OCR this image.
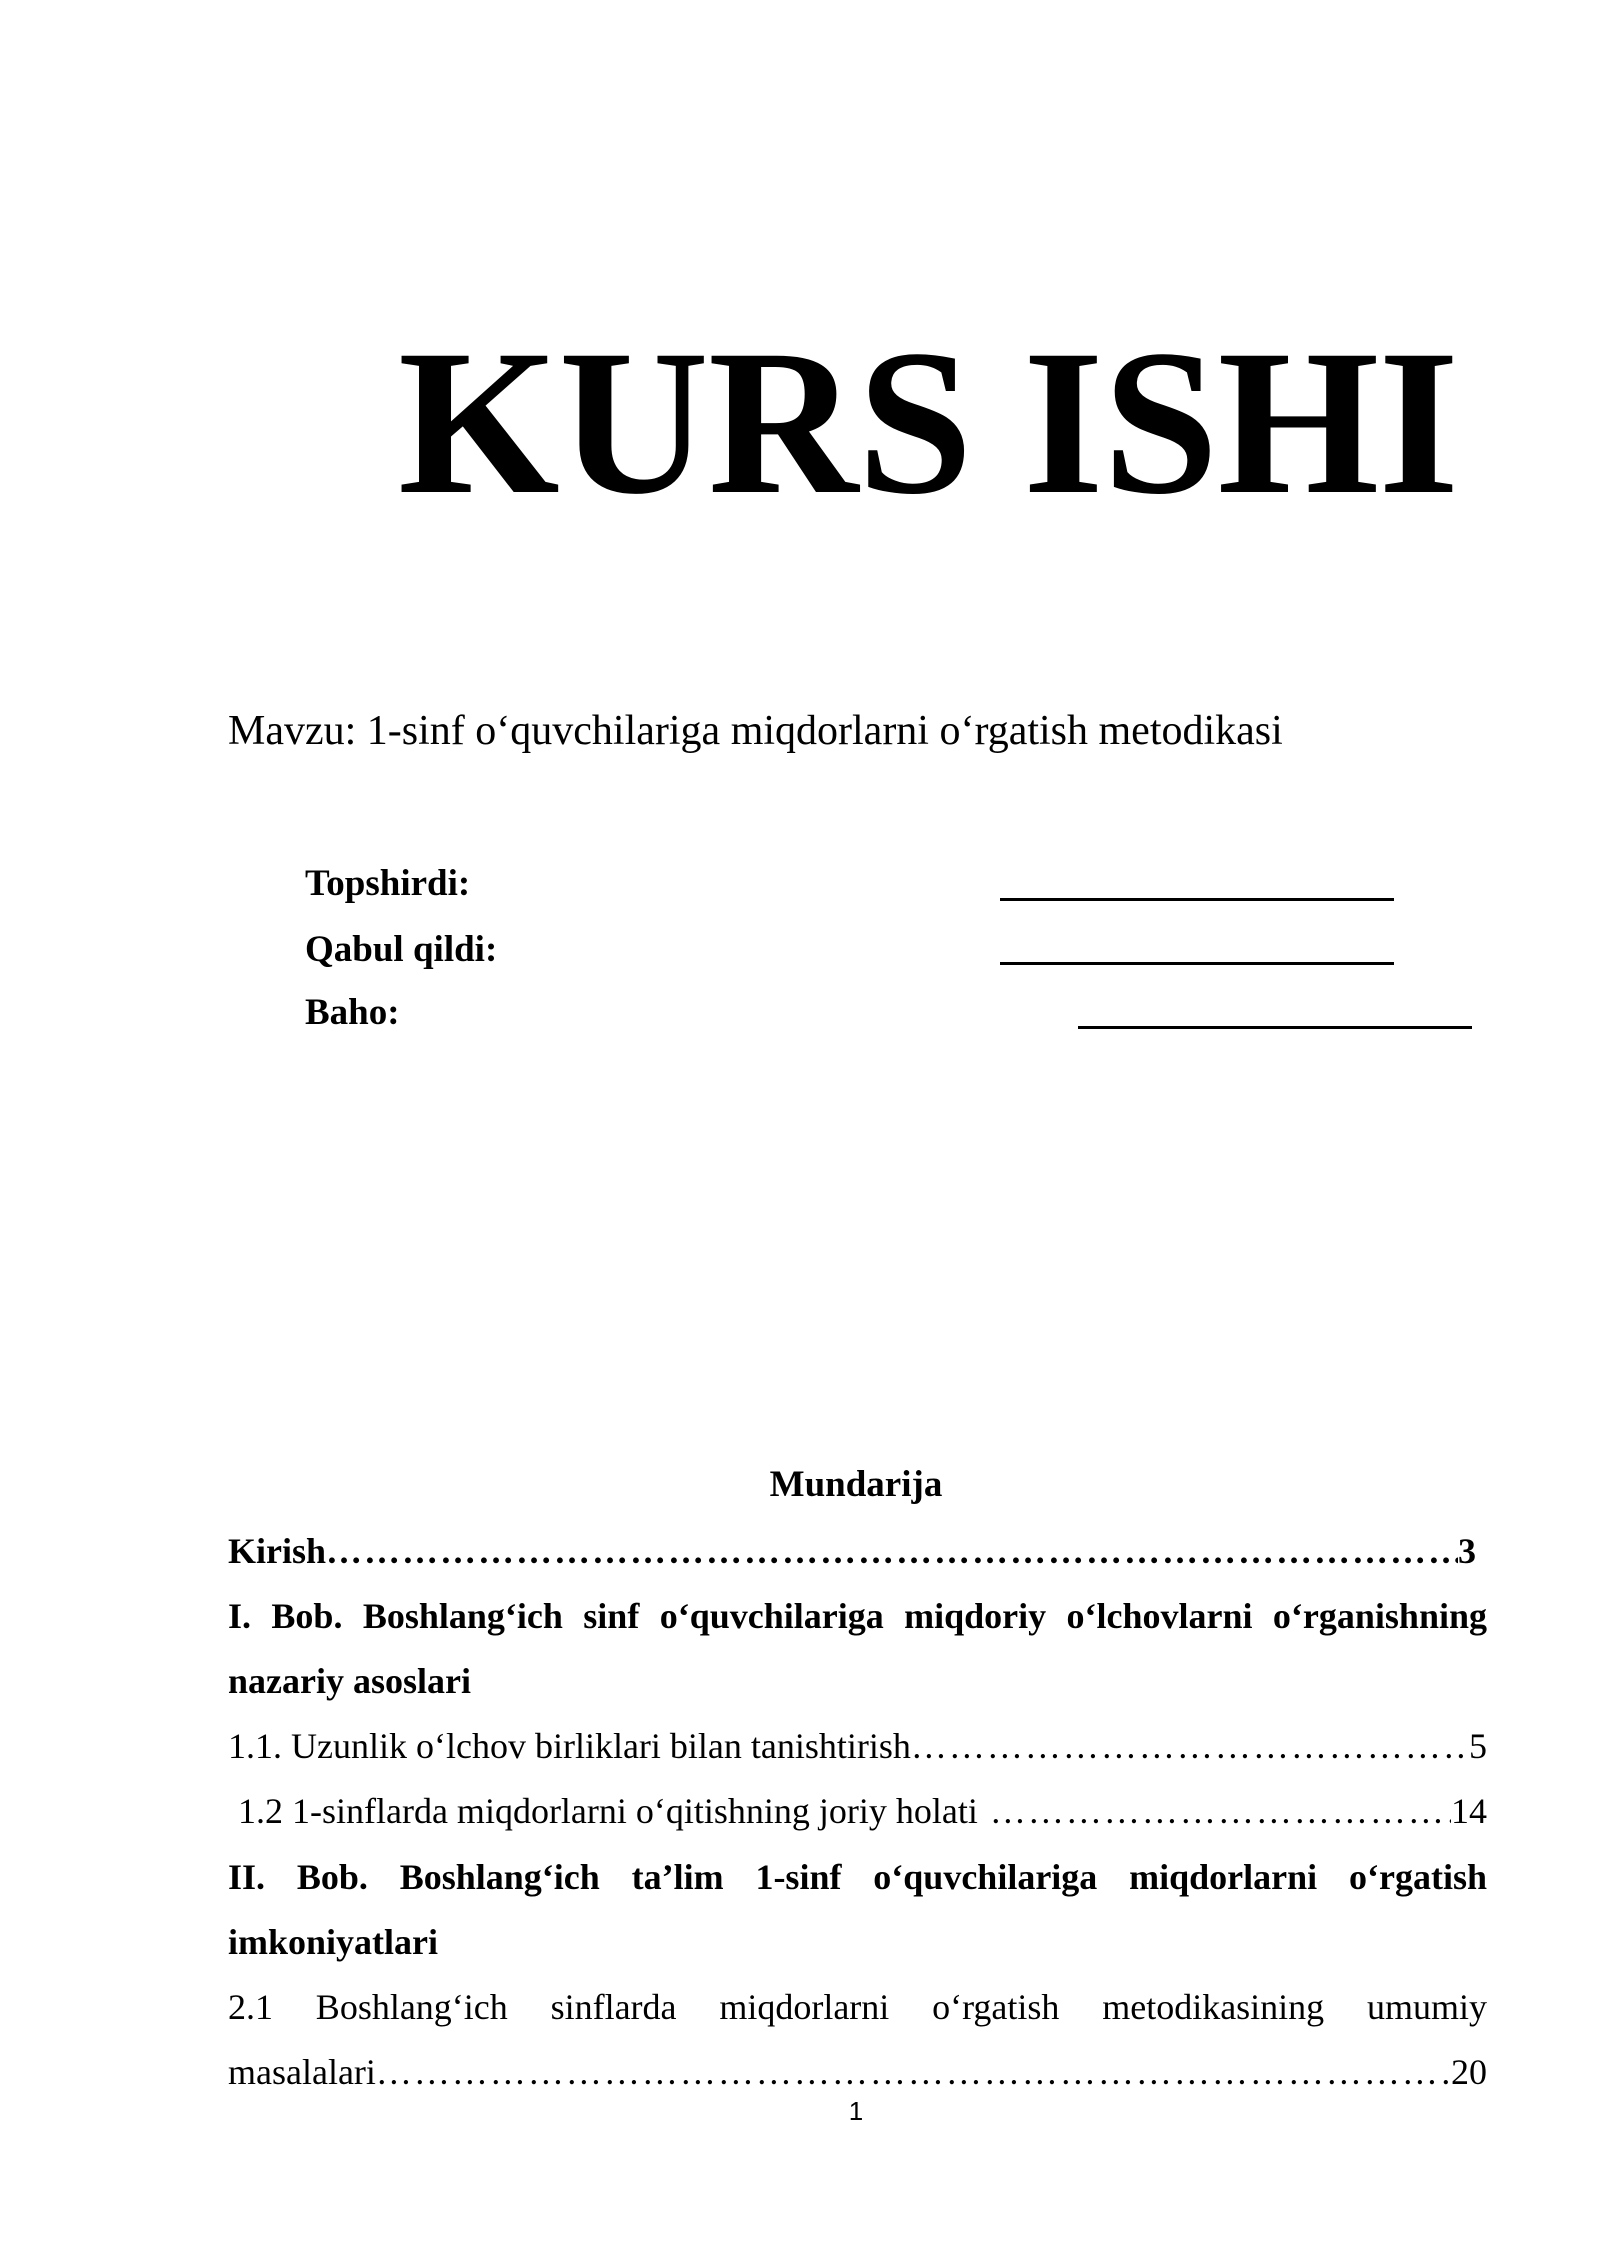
KURS ISHI
Mavzu: 1-sinf o‘quvchilariga miqdorlarni o‘rgatish metodikasi
Topshirdi:
Qabul qildi:
Baho:
Mundarija
Kirish ………………………………………………………………………………………………………………………………………………………………	3
I. Bob. Boshlang‘ich sinf o‘quvchilariga miqdoriy o‘lchovlarni o‘rganishning
nazariy asoslari
1.1. Uzunlik o‘lchov birliklari bilan tanishtirish ………………………………………………………………………………………………………………………………………………………………	5
1.2 1-sinflarda miqdorlarni o‘qitishning joriy holati ………………………………………………………………………………………………………………………………………………………………	14
II. Bob. Boshlang‘ich ta’lim 1-sinf o‘quvchilariga miqdorlarni o‘rgatish
imkoniyatlari
2.1 Boshlang‘ich sinflarda miqdorlarni o‘rgatish metodikasining umumiy
masalalari ………………………………………………………………………………………………………………………………………………………………	20
1
